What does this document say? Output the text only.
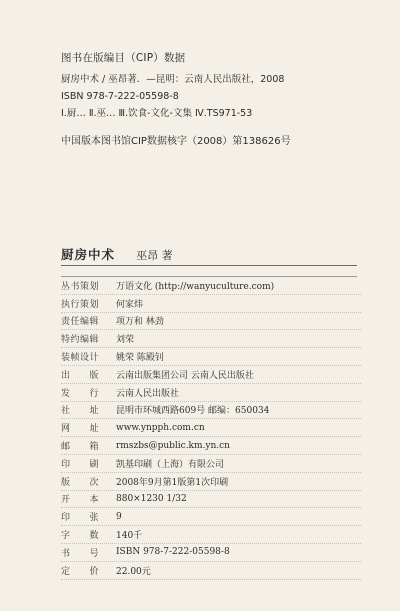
图书在版编目（CIP）数据
厨房中术 / 巫昂著．—昆明：云南人民出版社，2008
ISBN 978-7-222-05598-8
Ⅰ.厨… Ⅱ.巫… Ⅲ.饮食-文化-文集 Ⅳ.TS971-53
中国版本图书馆CIP数据核字（2008）第138626号
厨房中术 巫昂 著
丛书策划	万语文化 (http://wanyuculture.com)
执行策划	何家炜
责任编辑	项万和 林劲
特约编辑	刘荣
装帧设计	姚荣 陈殿钊
出　　版	云南出版集团公司 云南人民出版社
发　　行	云南人民出版社
社　　址	昆明市环城西路609号 邮编：650034
网　　址	www.ynpph.com.cn
邮　　箱	rmszbs@public.km.yn.cn
印　　刷	凯基印刷（上海）有限公司
版　　次	2008年9月第1版第1次印刷
开　　本	880×1230 1/32
印　　张	9
字　　数	140千
书　　号	ISBN 978-7-222-05598-8
定　　价	22.00元
